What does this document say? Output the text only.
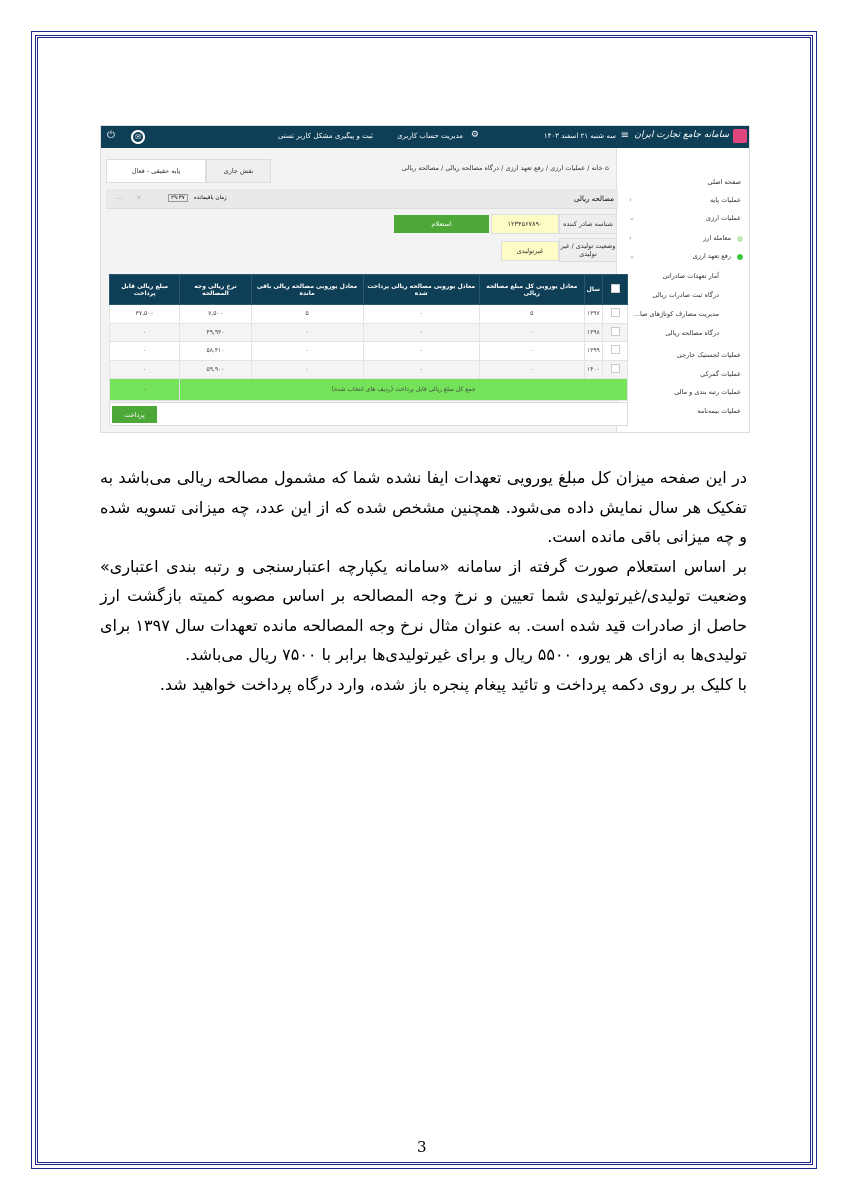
سامانه جامع تجارت ایران
≡
سه شنبه ۲۱ اسفند ۱۴۰۳
مدیریت حساب کاربری ⚙
ثبت و پیگیری مشکل
کاربر تستی
✉
⏻
صفحه اصلی
عملیات پایه
عملیات ارزی
معامله ارز
رفع تعهد ارزی
آمار تعهدات صادراتی
درگاه ثبت صادرات ریالی
مدیریت مصارف کوتاژهای صا...
درگاه مصالحه ریالی
عملیات لجستیک خارجی
عملیات گمرکی
عملیات رتبه بندی و مالی
عملیات بیمه‌نامه
‹
⌄
‹
⌄
⌂ خانه / عملیات ارزی / رفع تعهد ارزی / درگاه مصالحه ریالی / مصالحه ریالی
نقش جاری
پایه حقیقی - فعال
مصالحه ریالی
زمان باقیمانده
۲۹:۳۷
✕
—
شناسه صادر کننده
۱۲۳۴۵۶۷۸۹۰
استعلام
وضعیت تولیدی / غیر تولیدی
غیرتولیدی
	سال	معادل یورویی کل مبلغ مصالحه ریالی	معادل یورویی مصالحه ریالی پرداخت شده	معادل یورویی مصالحه ریالی باقی مانده	نرخ ریالی وجه المصالحه	مبلغ ریالی قابل پرداخت
	۱۳۹۷	۵	۰	۵	۷,۵۰۰	۳۷,۵۰۰
	۱۳۹۸	۰	۰	۰	۴۹,۹۴۰	۰
	۱۳۹۹	۰	۰	۰	۵۸,۴۱۰	۰
	۱۴۰۰	۰	۰	۰	۵۹,۹۰۰	۰
جمع کل مبلغ ریالی قابل پرداخت (ردیف های انتخاب شده)						۰
پرداخت

در این صفحه میزان کل مبلغ یورویی تعهدات ایفا نشده شما که مشمول مصالحه ریالی می‌باشد به تفکیک هر سال نمایش داده می‌شود. همچنین مشخص شده که از این عدد، چه میزانی تسویه شده و چه میزانی باقی مانده است.

بر اساس استعلام صورت گرفته از سامانه «سامانه یکپارچه اعتبارسنجی و رتبه بندی اعتباری» وضعیت تولیدی/غیرتولیدی شما تعیین و نرخ وجه المصالحه بر اساس مصوبه کمیته بازگشت ارز حاصل از صادرات قید شده است. به عنوان مثال نرخ وجه المصالحه مانده تعهدات سال ۱۳۹۷ برای تولیدی‌ها به ازای هر یورو، ۵۵۰۰ ریال و برای غیرتولیدی‌ها برابر با ۷۵۰۰ ریال می‌باشد.

با کلیک بر روی دکمه پرداخت و تائید پیغام پنجره باز شده، وارد درگاه پرداخت خواهید شد.

3
